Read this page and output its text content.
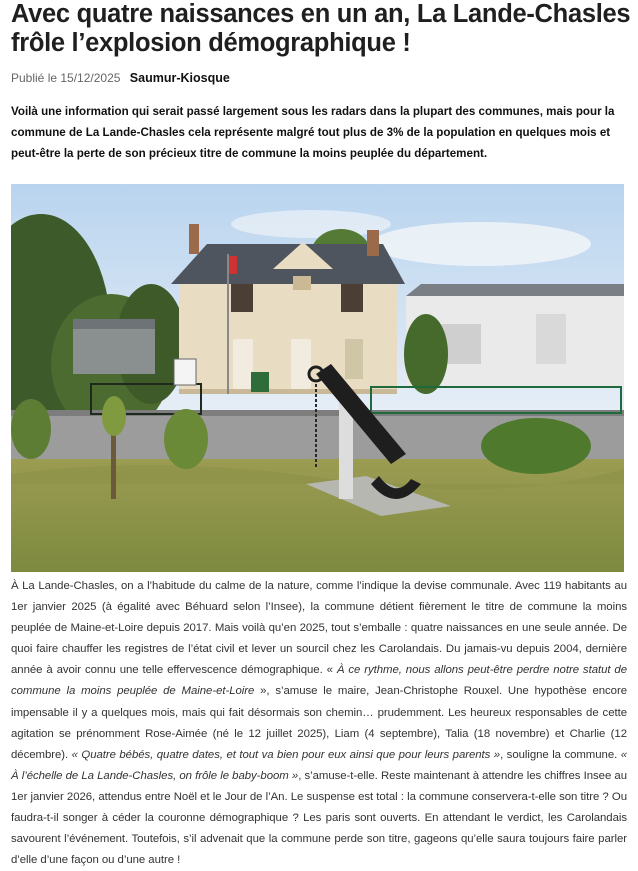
Avec quatre naissances en un an, La Lande-Chasles frôle l’explosion démographique !
Publié le 15/12/2025 Saumur-Kiosque

Voilà une information qui serait passé largement sous les radars dans la plupart des communes, mais pour la commune de La Lande-Chasles cela représente malgré tout plus de 3% de la population en quelques mois et peut-être la perte de son précieux titre de commune la moins peuplée du département.

À La Lande-Chasles, on a l’habitude du calme de la nature, comme l’indique la devise communale. Avec 119 habitants au 1er janvier 2025 (à égalité avec Béhuard selon l’Insee), la commune détient fièrement le titre de commune la moins peuplée de Maine-et-Loire depuis 2017. Mais voilà qu’en 2025, tout s’emballe : quatre naissances en une seule année. De quoi faire chauffer les registres de l’état civil et lever un sourcil chez les Carolandais. Du jamais-vu depuis 2004, dernière année à avoir connu une telle effervescence démographique. « À ce rythme, nous allons peut-être perdre notre statut de commune la moins peuplée de Maine-et-Loire », s’amuse le maire, Jean-Christophe Rouxel. Une hypothèse encore impensable il y a quelques mois, mais qui fait désormais son chemin… prudemment. Les heureux responsables de cette agitation se prénomment Rose-Aimée (né le 12 juillet 2025), Liam (4 septembre), Talia (18 novembre) et Charlie (12 décembre). « Quatre bébés, quatre dates, et tout va bien pour eux ainsi que pour leurs parents », souligne la commune. « À l’échelle de La Lande-Chasles, on frôle le baby-boom », s’amuse-t-elle. Reste maintenant à attendre les chiffres Insee au 1er janvier 2026, attendus entre Noël et le Jour de l’An. Le suspense est total : la commune conservera-t-elle son titre ? Ou faudra-t-il songer à céder la couronne démographique ? Les paris sont ouverts. En attendant le verdict, les Carolandais savourent l’événement. Toutefois, s’il advenait que la commune perde son titre, gageons qu’elle saura toujours faire parler d’elle d’une façon ou d’une autre !
